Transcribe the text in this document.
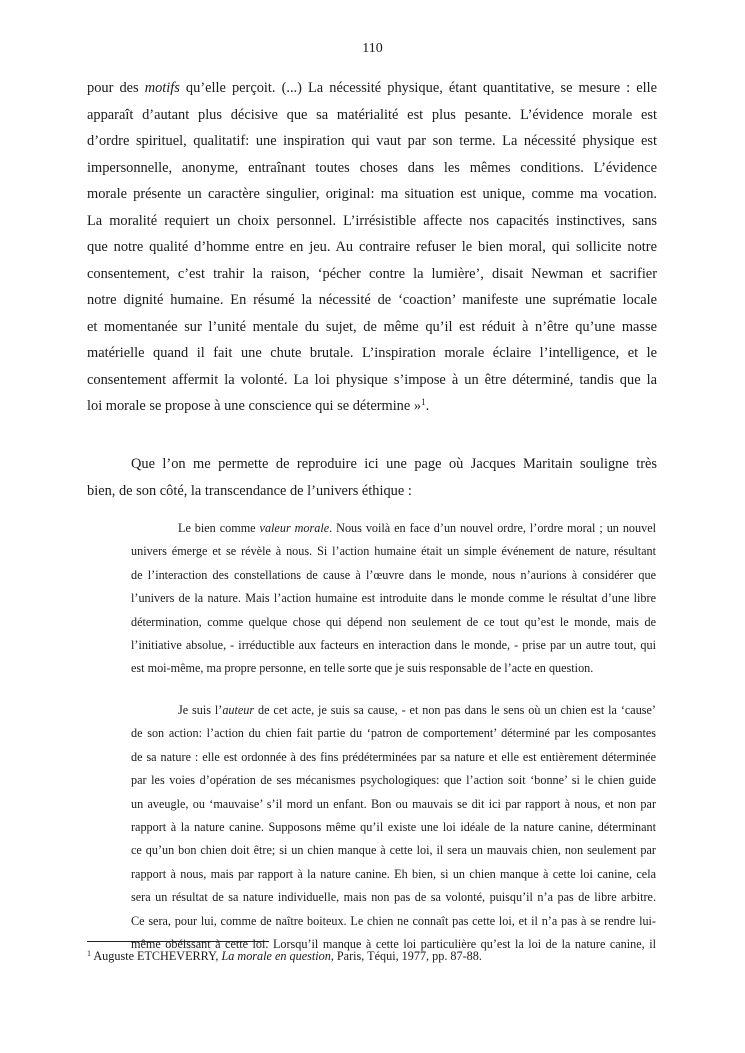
110
pour des motifs qu’elle perçoit. (...) La nécessité physique, étant quantitative, se mesure : elle
apparaît d’autant plus décisive que sa matérialité est plus pesante. L’évidence morale est
d’ordre spirituel, qualitatif: une inspiration qui vaut par son terme. La nécessité physique est
impersonnelle, anonyme, entraînant toutes choses dans les mêmes conditions. L’évidence
morale présente un caractère singulier, original: ma situation est unique, comme ma vocation.
La moralité requiert un choix personnel. L’irrésistible affecte nos capacités instinctives, sans
que notre qualité d’homme entre en jeu. Au contraire refuser le bien moral, qui sollicite notre
consentement, c’est trahir la raison, ‘pécher contre la lumière’, disait Newman et sacrifier
notre dignité humaine. En résumé la nécessité de ‘coaction’ manifeste une suprématie locale
et momentanée sur l’unité mentale du sujet, de même qu’il est réduit à n’être qu’une masse
matérielle quand il fait une chute brutale. L’inspiration morale éclaire l’intelligence, et le
consentement affermit la volonté. La loi physique s’impose à un être déterminé, tandis que la
loi morale se propose à une conscience qui se détermine »$^1$.
Que l’on me permette de reproduire ici une page où Jacques Maritain souligne très
bien, de son côté, la transcendance de l’univers éthique :
Le bien comme valeur morale. Nous voilà en face d’un nouvel ordre, l’ordre moral ; un nouvel
univers émerge et se révèle à nous. Si l’action humaine était un simple événement de nature, résultant
de l’interaction des constellations de cause à l’œuvre dans le monde, nous n’aurions à considérer que
l’univers de la nature. Mais l’action humaine est introduite dans le monde comme le résultat d’une libre
détermination, comme quelque chose qui dépend non seulement de ce tout qu’est le monde, mais de
l’initiative absolue, - irréductible aux facteurs en interaction dans le monde, - prise par un autre tout, qui
est moi-même, ma propre personne, en telle sorte que je suis responsable de l’acte en question.
Je suis l’auteur de cet acte, je suis sa cause, - et non pas dans le sens où un chien est la ‘cause’
de son action: l’action du chien fait partie du ‘patron de comportement’ déterminé par les composantes
de sa nature : elle est ordonnée à des fins prédéterminées par sa nature et elle est entièrement déterminée
par les voies d’opération de ses mécanismes psychologiques: que l’action soit ‘bonne’ si le chien guide
un aveugle, ou ‘mauvaise’ s’il mord un enfant. Bon ou mauvais se dit ici par rapport à nous, et non par
rapport à la nature canine. Supposons même qu’il existe une loi idéale de la nature canine, déterminant
ce qu’un bon chien doit être; si un chien manque à cette loi, il sera un mauvais chien, non seulement par
rapport à nous, mais par rapport à la nature canine. Eh bien, si un chien manque à cette loi canine, cela
sera un résultat de sa nature individuelle, mais non pas de sa volonté, puisqu’il n’a pas de libre arbitre.
Ce sera, pour lui, comme de naître boiteux. Le chien ne connaît pas cette loi, et il n’a pas à se rendre lui-
même obéissant à cette loi. Lorsqu’il manque à cette loi particulière qu’est la loi de la nature canine, il
$^1$ Auguste ETCHEVERRY, La morale en question, Paris, Téqui, 1977, pp. 87-88.
